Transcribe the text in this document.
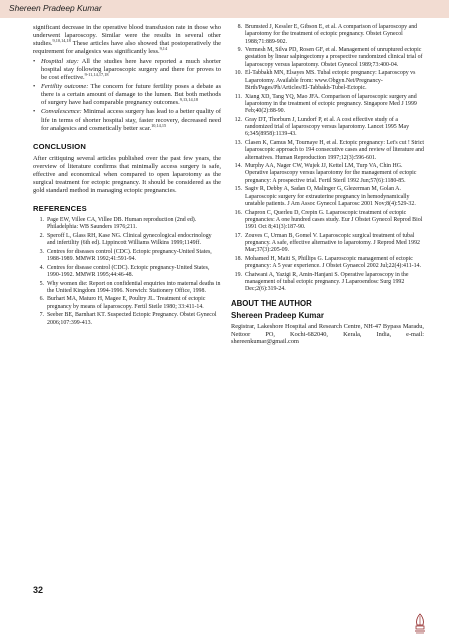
Shereen Pradeep Kumar

significant decrease in the operative blood transfusion rate in those who underwent laparoscopy. Similar were the results in several other studies.$^{9,10,14,18}$ These articles have also showed that postoperatively the requirement for analgesics was significantly less.$^{9,14}$

• Hospital stay: All the studies here have reported a much shorter hospital stay following laparoscopic surgery and there for proves to be cost effective.$^{9-11,14,17,18}$
• Fertility outcome: The concern for future fertility poses a debate as there is a certain amount of damage to the lumen. But both methods of surgery have had comparable pregnancy outcomes.$^{9,13,14,18}$
• Convalescence: Minimal access surgery has lead to a better quality of life in terms of shorter hospital stay, faster recovery, decreased need for analgesics and cosmetically better scar.$^{10,14,15}$
CONCLUSION

After critiquing several articles published over the past few years, the overview of literature confirms that minimally access surgery is safe, effective and economical when compared to open laparotomy as the surgical treatment for ectopic pregnancy. It should be considered as the gold standard method in managing ectopic pregnancies.

REFERENCES
1. Page EW, Villee CA, Villee DB. Human reproduction (2nd ed). Philadelphia: WB Saunders 1976;211.
2. Speroff L, Glass RH, Kase NG. Clinical gynecological endocrinology and infertility (6th ed). Lippincott Williams Wilkins 1999;1149ff.
3. Centres for diseases control (CDC). Ectopic pregnancy-United States, 1988-1989. MMWR 1992;41:591-94.
4. Centres for disease control (CDC). Ectopic pregnancy-United States, 1990-1992. MMWR 1995;44:46-48.
5. Why women die: Report on confidential enquiries into maternal deaths in the United Kingdom 1994-1996. Norwich: Stationery Office, 1998.
6. Burhart MA, Maturo H, Magee E, Poultry JL. Treatment of ectopic pregnancy by means of laparoscopy. Fertil Steile 1980; 33:411-14.
7. Seeber BE, Barnhart KT. Suspected Ectopic Pregnancy. Obstet Gynecol 2006;107:399-413.
8. Brumsted J, Kessler E, Gibson E, et al. A comparison of laparoscopy and laparotomy for the treatment of ectopic pregnancy. Obstet Gynecol 1988;71:889-902.
9. Vermesh M, Silva PD, Rosen GF, et al. Management of unruptured ectopic gestation by linear salpingectomy a prospective randomized clinical trial of laparoscopy versus laparotomy. Obstet Gynecol 1989;73:400-04.
10. El-Tabbakh MN, Elsayes MS. Tubal ectopic pregnancy: Laparoscopy vs Laparotomy. Available from: www.Obgyn.Net/Pregnancy-Birth/Pages/Ph/Articles/El-Tabbakh-Tubel-Ectopic.
11. Xiang XD, Tang YQ, Mao JFA. Comparison of laparoscopic surgery and laparotomy in the treatment of ectopic pregnancy. Singapore Med J 1999 Feb;40(2):88-90.
12. Gray DT, Thorburn J, Lundorf P, et al. A cost effective study of a randomized trial of laparoscopy versus laparotomy. Lancet 1995 May 6;345(8958):1139-43.
13. Clasen K, Camus M, Tournaye H, et al. Ectopic pregnancy: Let's cut ! Strict laparoscopic approach to 194 consecutive cases and review of literature and alternatives. Human Reproduction 1997;12(3):596-601.
14. Murphy AA, Nager CW, Wujek JJ, Kettel LM, Turp VA, Chin HG. Operative laparoscopy versus laparotomy for the management of ectopic pregnancy: A prospective trial. Fertil Steril 1992 Jun;57(6):1180-85.
15. Sagiv R, Debby A, Sadan O, Malinger G, Glezerman M, Golan A. Laparoscopic surgery for extrauterine pregnancy in hemodynamically unstable patients. J Am Assoc Gynecol Laparosc 2001 Nov;8(4):529-32.
16. Chapron C, Querleu D, Crepin G. Laparoscopic treatment of ectopic pregnancies: A one hundred cases study. Eur J Obstet Gynecol Reprod Biol 1991 Oct 8;41(3):187-90.
17. Zouves C, Urman B, Gomel V. Laparoscopic surgical treatment of tubal pregnancy. A safe, effective alternative to laparotomy. J Reprod Med 1992 Mar;37(3):205-09.
18. Mohamed H, Maiti S, Phillips G. Laparoscopic management of ectopic pregnancy: A 5 year experience. J Obstet Gynaecol 2002 Jul;22(4):411-14.
19. Chatwani A, Yazigi R, Amin-Hanjani S. Operative laparoscopy in the management of tubal ectopic pregnancy. J Laparoendosc Surg 1992 Dec;2(6):319-24.
ABOUT THE AUTHOR
Shereen Pradeep Kumar
Registrar, Lakeshore Hospital and Research Centre, NH-47 Bypass Maradu, Nettoor PO, Kochi-682040, Kerala, India, e-mail: shereenkumar@gmail.com
32
